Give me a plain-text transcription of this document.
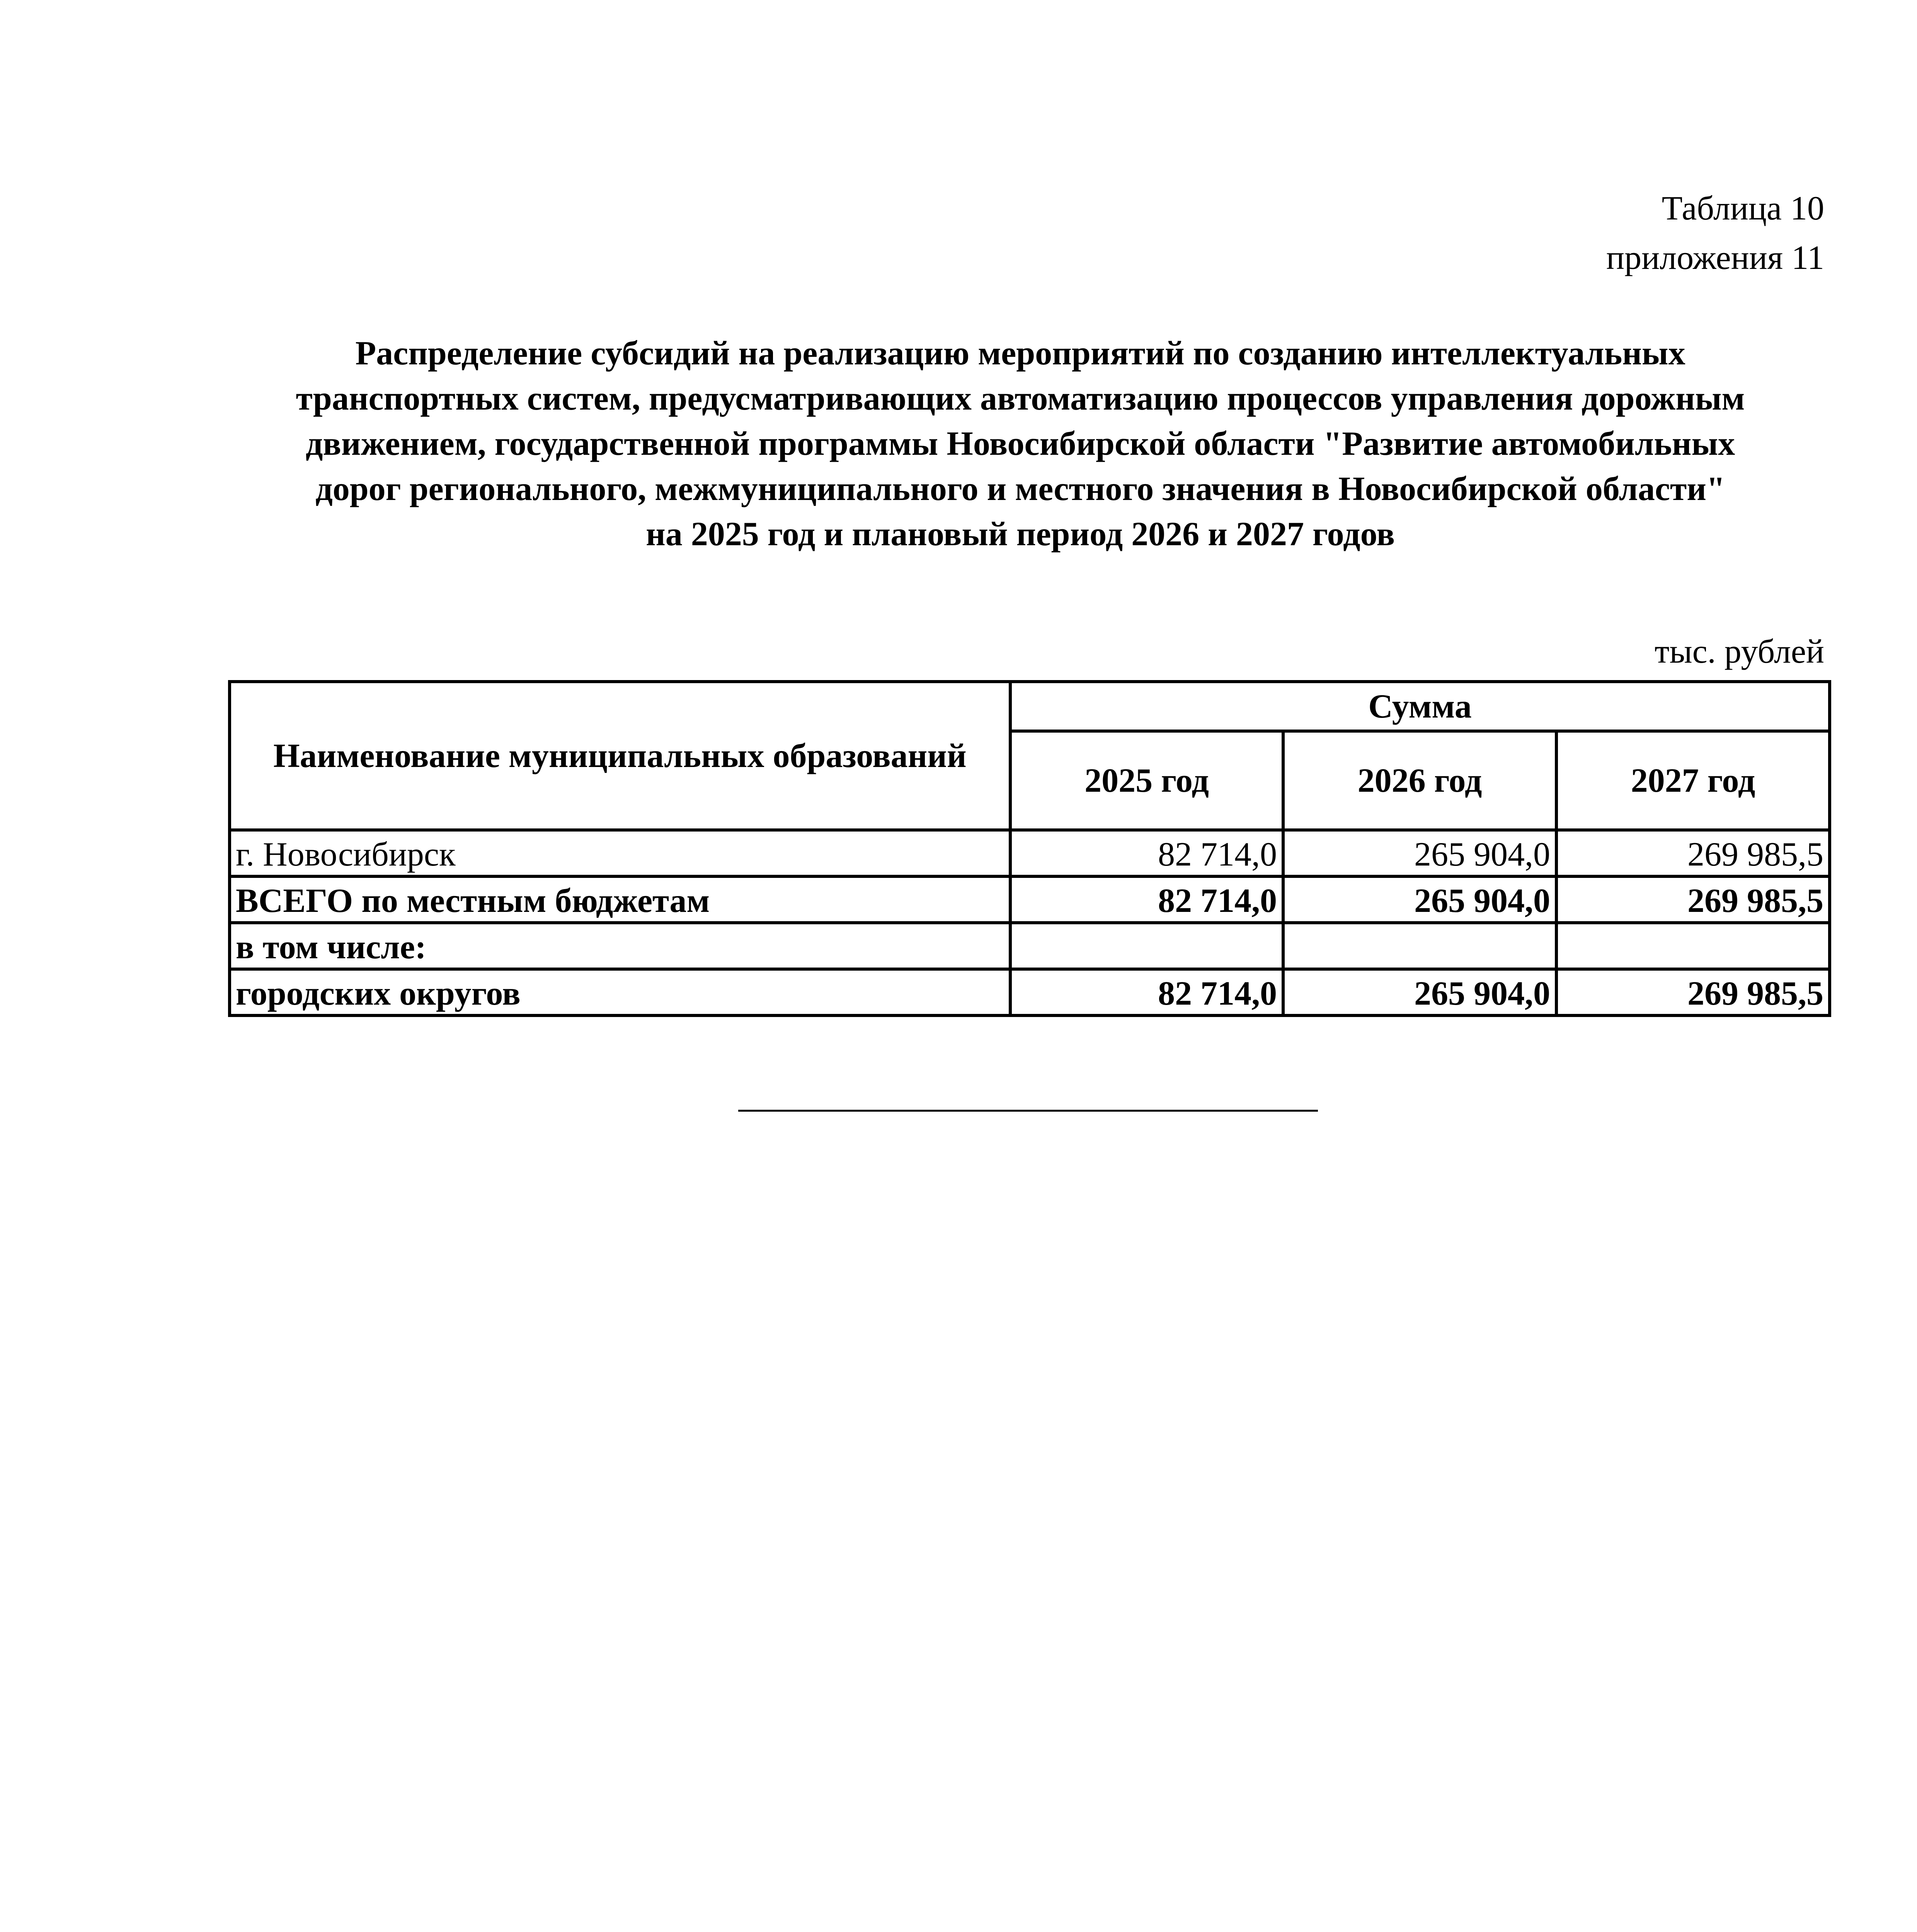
Таблица 10
приложения 11
Распределение субсидий на реализацию мероприятий по созданию интеллектуальных
транспортных систем, предусматривающих автоматизацию процессов управления дорожным
движением, государственной программы Новосибирской области "Развитие автомобильных
дорог регионального, межмуниципального и местного значения в Новосибирской области"
на 2025 год и плановый период 2026 и 2027 годов
тыс. рублей
Наименование муниципальных образований	Сумма		
	2025 год	2026 год	2027 год
г. Новосибирск	82 714,0	265 904,0	269 985,5
ВСЕГО по местным бюджетам	82 714,0	265 904,0	269 985,5
в том числе:			
городских округов	82 714,0	265 904,0	269 985,5
